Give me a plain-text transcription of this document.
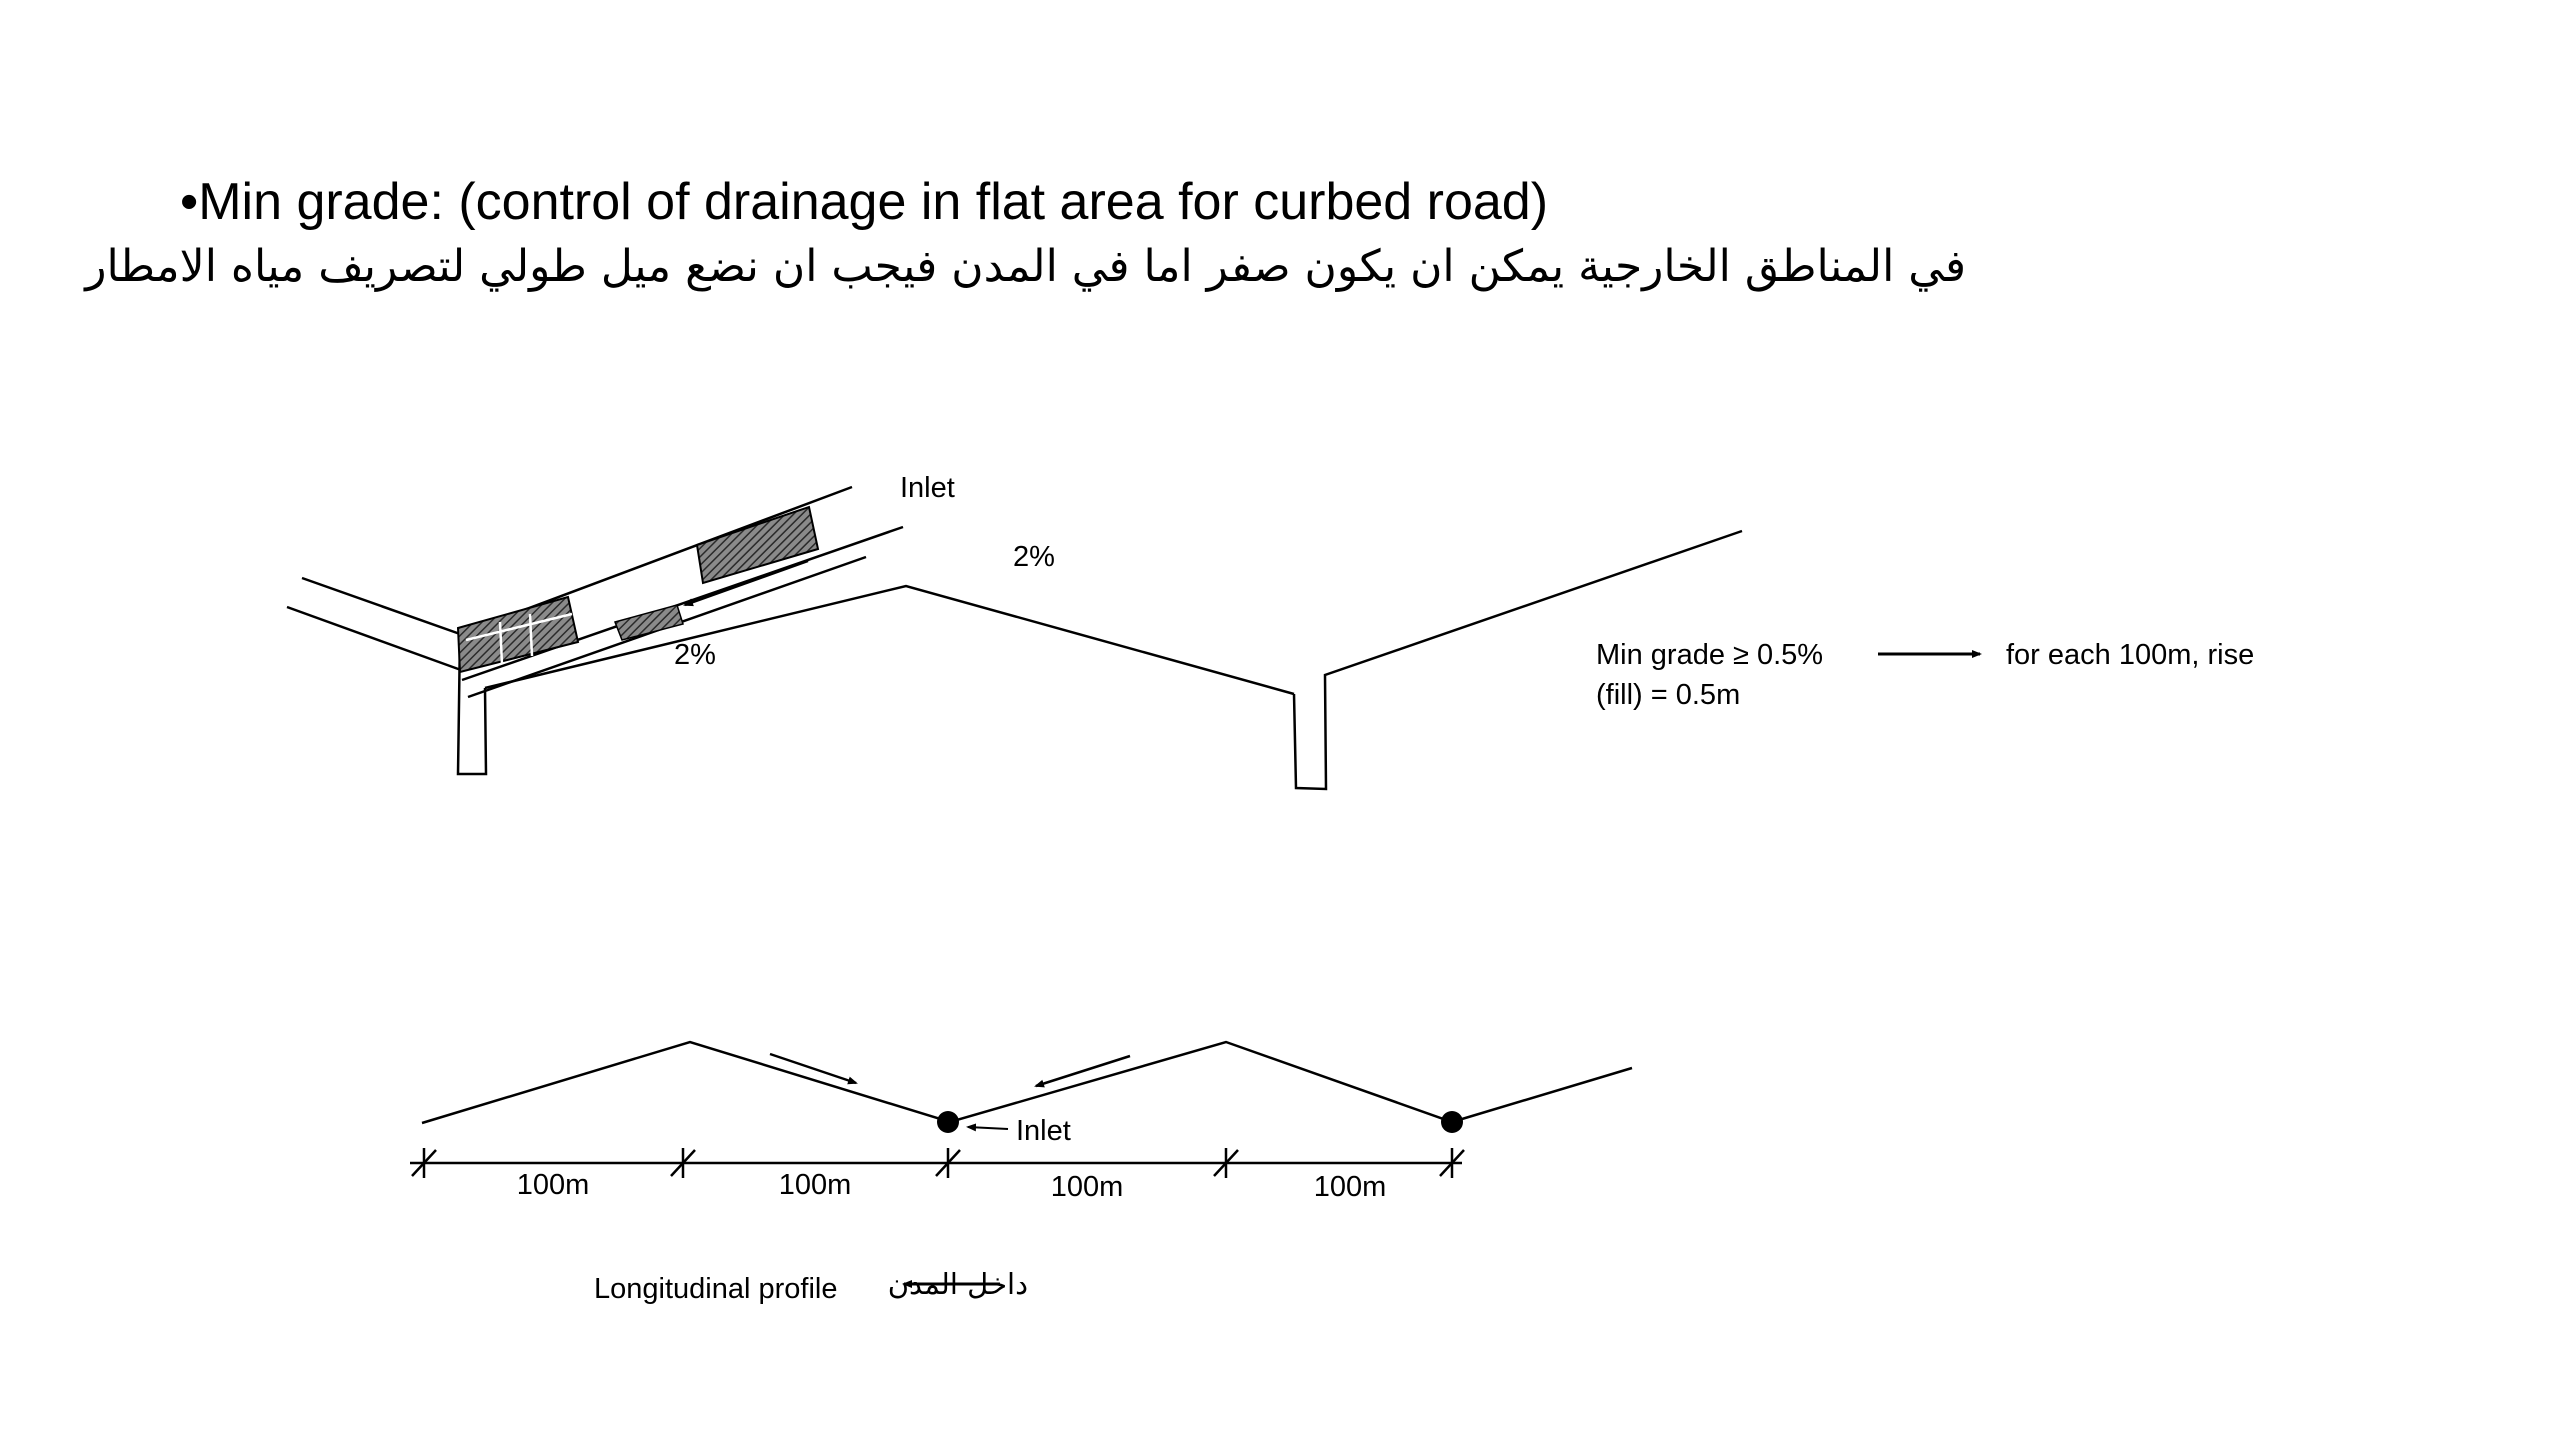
•Min grade: (control of drainage in flat area for curbed road)
في المناطق الخارجية يمكن ان يكون صفر اما في المدن فيجب ان نضع ميل طولي لتصريف مياه الامطار
Inlet
2%
2%	Min grade ≥ 0.5%	for each 100m, rise
(fill) = 0.5m
Inlet
100m	100m	100m	100m
Longitudinal profile داخل المدن
